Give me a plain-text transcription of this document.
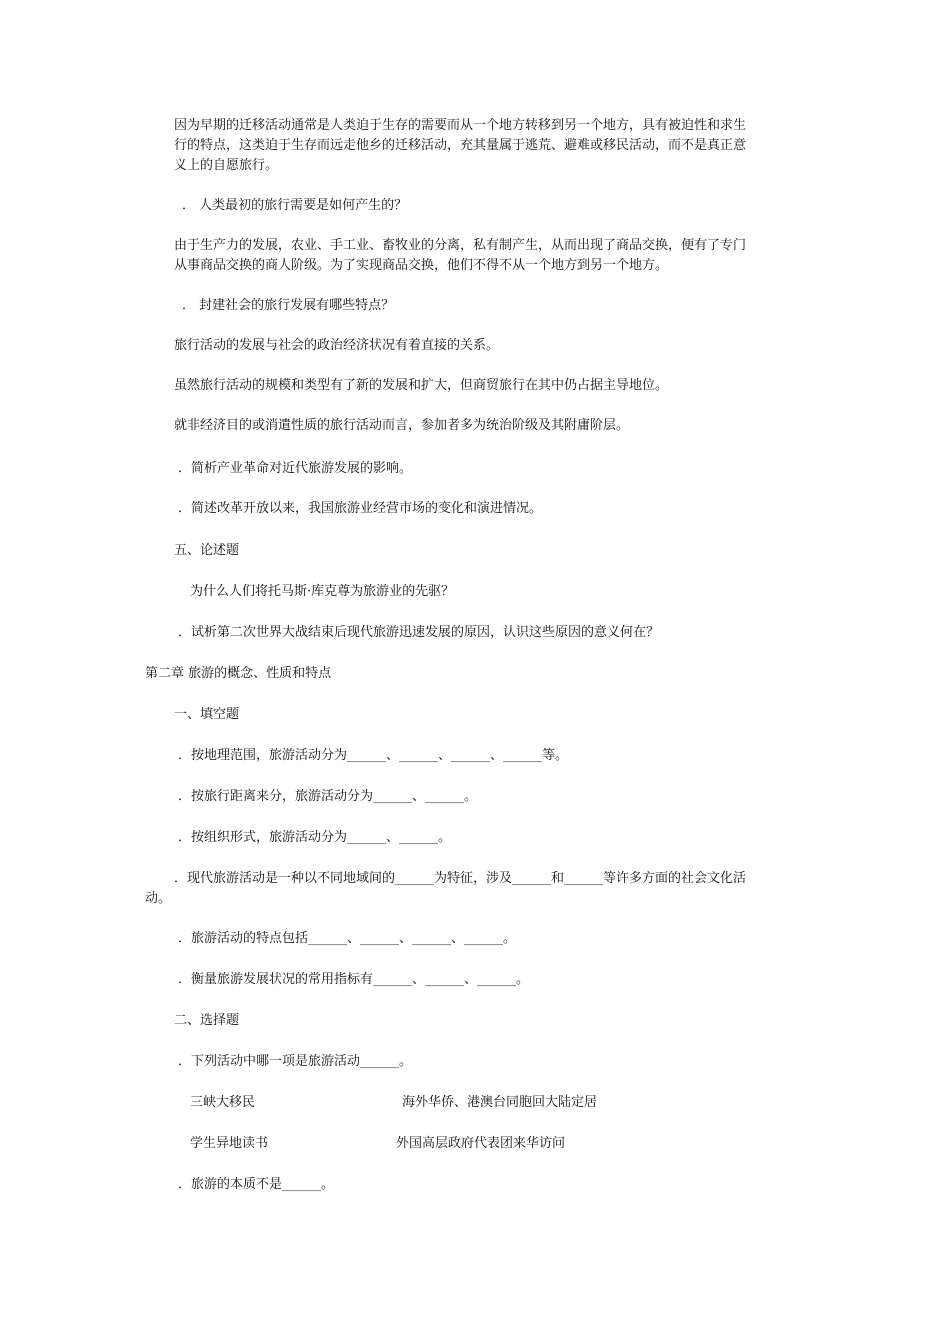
因为早期的迁移活动通常是人类迫于生存的需要而从一个地方转移到另一个地方，具有被迫性和求生
行的特点，这类迫于生存而远走他乡的迁移活动，充其量属于逃荒、避难或移民活动，而不是真正意
义上的自愿旅行。
． 人类最初的旅行需要是如何产生的？
由于生产力的发展，农业、手工业、畜牧业的分离，私有制产生，从而出现了商品交换，便有了专门
从事商品交换的商人阶级。为了实现商品交换，他们不得不从一个地方到另一个地方。
． 封建社会的旅行发展有哪些特点？
旅行活动的发展与社会的政治经济状况有着直接的关系。
虽然旅行活动的规模和类型有了新的发展和扩大，但商贸旅行在其中仍占据主导地位。
就非经济目的或消遣性质的旅行活动而言，参加者多为统治阶级及其附庸阶层。
．简析产业革命对近代旅游发展的影响。
．简述改革开放以来，我国旅游业经营市场的变化和演进情况。
五、论述题
为什么人们将托马斯·库克尊为旅游业的先驱？
．试析第二次世界大战结束后现代旅游迅速发展的原因，认识这些原因的意义何在？
第二章 旅游的概念、性质和特点
一、填空题
．按地理范围，旅游活动分为______、______、______、______等。
．按旅行距离来分，旅游活动分为______、______。
．按组织形式，旅游活动分为______、______。
．现代旅游活动是一种以不同地域间的______为特征，涉及______和______等许多方面的社会文化活
动。
．旅游活动的特点包括______、______、______、______。
．衡量旅游发展状况的常用指标有______、______、______。
二、选择题
．下列活动中哪一项是旅游活动______。
三峡大移民	海外华侨、港澳台同胞回大陆定居
学生异地读书	外国高层政府代表团来华访问
．旅游的本质不是______。
